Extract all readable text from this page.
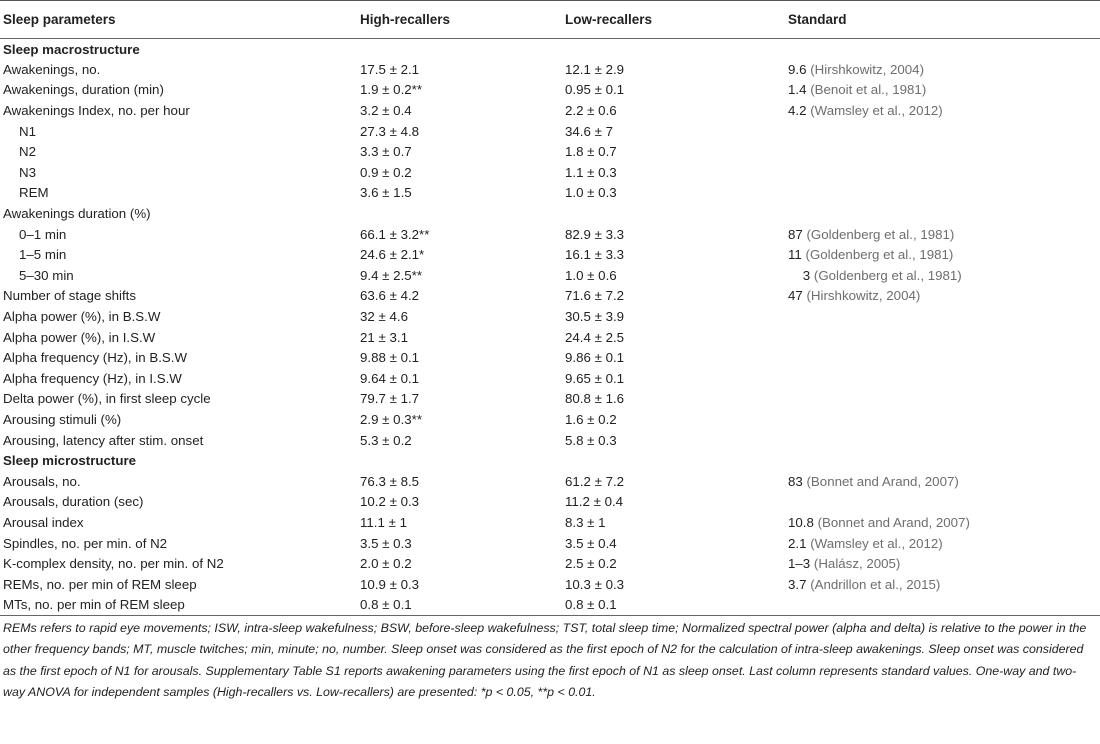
Sleep parameters	High-recallers	Low-recallers	Standard
Sleep macrostructure			
Awakenings, no.	17.5 ± 2.1	12.1 ± 2.9	9.6 (Hirshkowitz, 2004)
Awakenings, duration (min)	1.9 ± 0.2**	0.95 ± 0.1	1.4 (Benoit et al., 1981)
Awakenings Index, no. per hour	3.2 ± 0.4	2.2 ± 0.6	4.2 (Wamsley et al., 2012)
N1	27.3 ± 4.8	34.6 ± 7	
N2	3.3 ± 0.7	1.8 ± 0.7	
N3	0.9 ± 0.2	1.1 ± 0.3	
REM	3.6 ± 1.5	1.0 ± 0.3	
Awakenings duration (%)			
0–1 min	66.1 ± 3.2**	82.9 ± 3.3	87 (Goldenberg et al., 1981)
1–5 min	24.6 ± 2.1*	16.1 ± 3.3	11 (Goldenberg et al., 1981)
5–30 min	9.4 ± 2.5**	1.0 ± 0.6	  3 (Goldenberg et al., 1981)
Number of stage shifts	63.6 ± 4.2	71.6 ± 7.2	47 (Hirshkowitz, 2004)
Alpha power (%), in B.S.W	32 ± 4.6	30.5 ± 3.9	
Alpha power (%), in I.S.W	21 ± 3.1	24.4 ± 2.5	
Alpha frequency (Hz), in B.S.W	9.88 ± 0.1	9.86 ± 0.1	
Alpha frequency (Hz), in I.S.W	9.64 ± 0.1	9.65 ± 0.1	
Delta power (%), in first sleep cycle	79.7 ± 1.7	80.8 ± 1.6	
Arousing stimuli (%)	2.9 ± 0.3**	1.6 ± 0.2	
Arousing, latency after stim. onset	5.3 ± 0.2	5.8 ± 0.3	
Sleep microstructure			
Arousals, no.	76.3 ± 8.5	61.2 ± 7.2	83 (Bonnet and Arand, 2007)
Arousals, duration (sec)	10.2 ± 0.3	11.2 ± 0.4	
Arousal index	11.1 ± 1	8.3 ± 1	10.8 (Bonnet and Arand, 2007)
Spindles, no. per min. of N2	3.5 ± 0.3	3.5 ± 0.4	2.1 (Wamsley et al., 2012)
K-complex density, no. per min. of N2	2.0 ± 0.2	2.5 ± 0.2	1–3 (Halász, 2005)
REMs, no. per min of REM sleep	10.9 ± 0.3	10.3 ± 0.3	3.7 (Andrillon et al., 2015)
MTs, no. per min of REM sleep	0.8 ± 0.1	0.8 ± 0.1	

REMs refers to rapid eye movements; ISW, intra-sleep wakefulness; BSW, before-sleep wakefulness; TST, total sleep time; Normalized spectral power (alpha and delta) is relative to the power in the other frequency bands; MT, muscle twitches; min, minute; no, number. Sleep onset was considered as the first epoch of N2 for the calculation of intra-sleep awakenings. Sleep onset was considered as the first epoch of N1 for arousals. Supplementary Table S1 reports awakening parameters using the first epoch of N1 as sleep onset. Last column represents standard values. One-way and two-way ANOVA for independent samples (High-recallers vs. Low-recallers) are presented: *p < 0.05, **p < 0.01.
